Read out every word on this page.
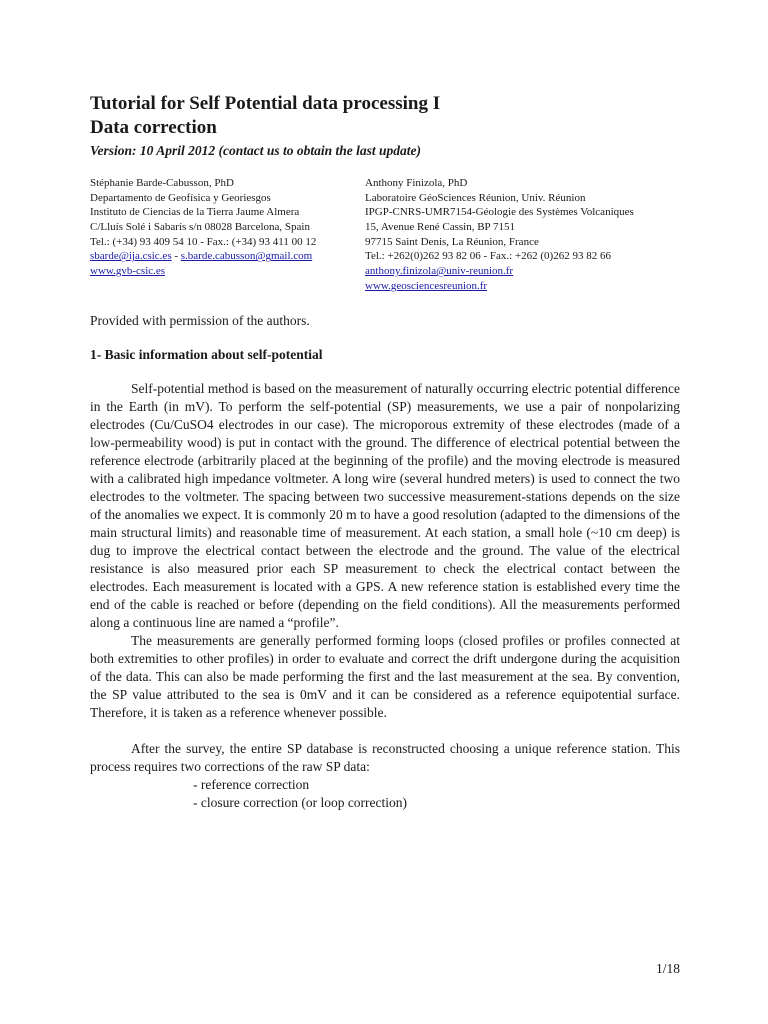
Tutorial for Self Potential data processing I
Data correction
Version: 10 April 2012 (contact us to obtain the last update)
Stéphanie Barde-Cabusson, PhD
Departamento de Geofísica y Georiesgos
Instituto de Ciencias de la Tierra Jaume Almera
C/Lluís Solé i Sabarís s/n 08028 Barcelona, Spain
Tel.: (+34) 93 409 54 10 - Fax.: (+34) 93 411 00 12
sbarde@ija.csic.es - s.barde.cabusson@gmail.com
www.gvb-csic.es
Anthony Finizola, PhD
Laboratoire GéoSciences Réunion, Univ. Réunion
IPGP-CNRS-UMR7154-Géologie des Systèmes Volcaniques
15, Avenue René Cassin, BP 7151
97715 Saint Denis, La Réunion, France
Tel.: +262(0)262 93 82 06 - Fax.: +262 (0)262 93 82 66
anthony.finizola@univ-reunion.fr
www.geosciencesreunion.fr
Provided with permission of the authors.
1- Basic information about self-potential

Self-potential method is based on the measurement of naturally occurring electric potential difference in the Earth (in mV). To perform the self-potential (SP) measurements, we use a pair of nonpolarizing electrodes (Cu/CuSO4 electrodes in our case). The microporous extremity of these electrodes (made of a low-permeability wood) is put in contact with the ground. The difference of electrical potential between the reference electrode (arbitrarily placed at the beginning of the profile) and the moving electrode is measured with a calibrated high impedance voltmeter. A long wire (several hundred meters) is used to connect the two electrodes to the voltmeter. The spacing between two successive measurement-stations depends on the size of the anomalies we expect. It is commonly 20 m to have a good resolution (adapted to the dimensions of the main structural limits) and reasonable time of measurement. At each station, a small hole (~10 cm deep) is dug to improve the electrical contact between the electrode and the ground. The value of the electrical resistance is also measured prior each SP measurement to check the electrical contact between the electrodes. Each measurement is located with a GPS. A new reference station is established every time the end of the cable is reached or before (depending on the field conditions). All the measurements performed along a continuous line are named a “profile”.

The measurements are generally performed forming loops (closed profiles or profiles connected at both extremities to other profiles) in order to evaluate and correct the drift undergone during the acquisition of the data. This can also be made performing the first and the last measurement at the sea. By convention, the SP value attributed to the sea is 0mV and it can be considered as a reference equipotential surface. Therefore, it is taken as a reference whenever possible.

After the survey, the entire SP database is reconstructed choosing a unique reference station. This process requires two corrections of the raw SP data:

- reference correction
- closure correction (or loop correction)
1/18
